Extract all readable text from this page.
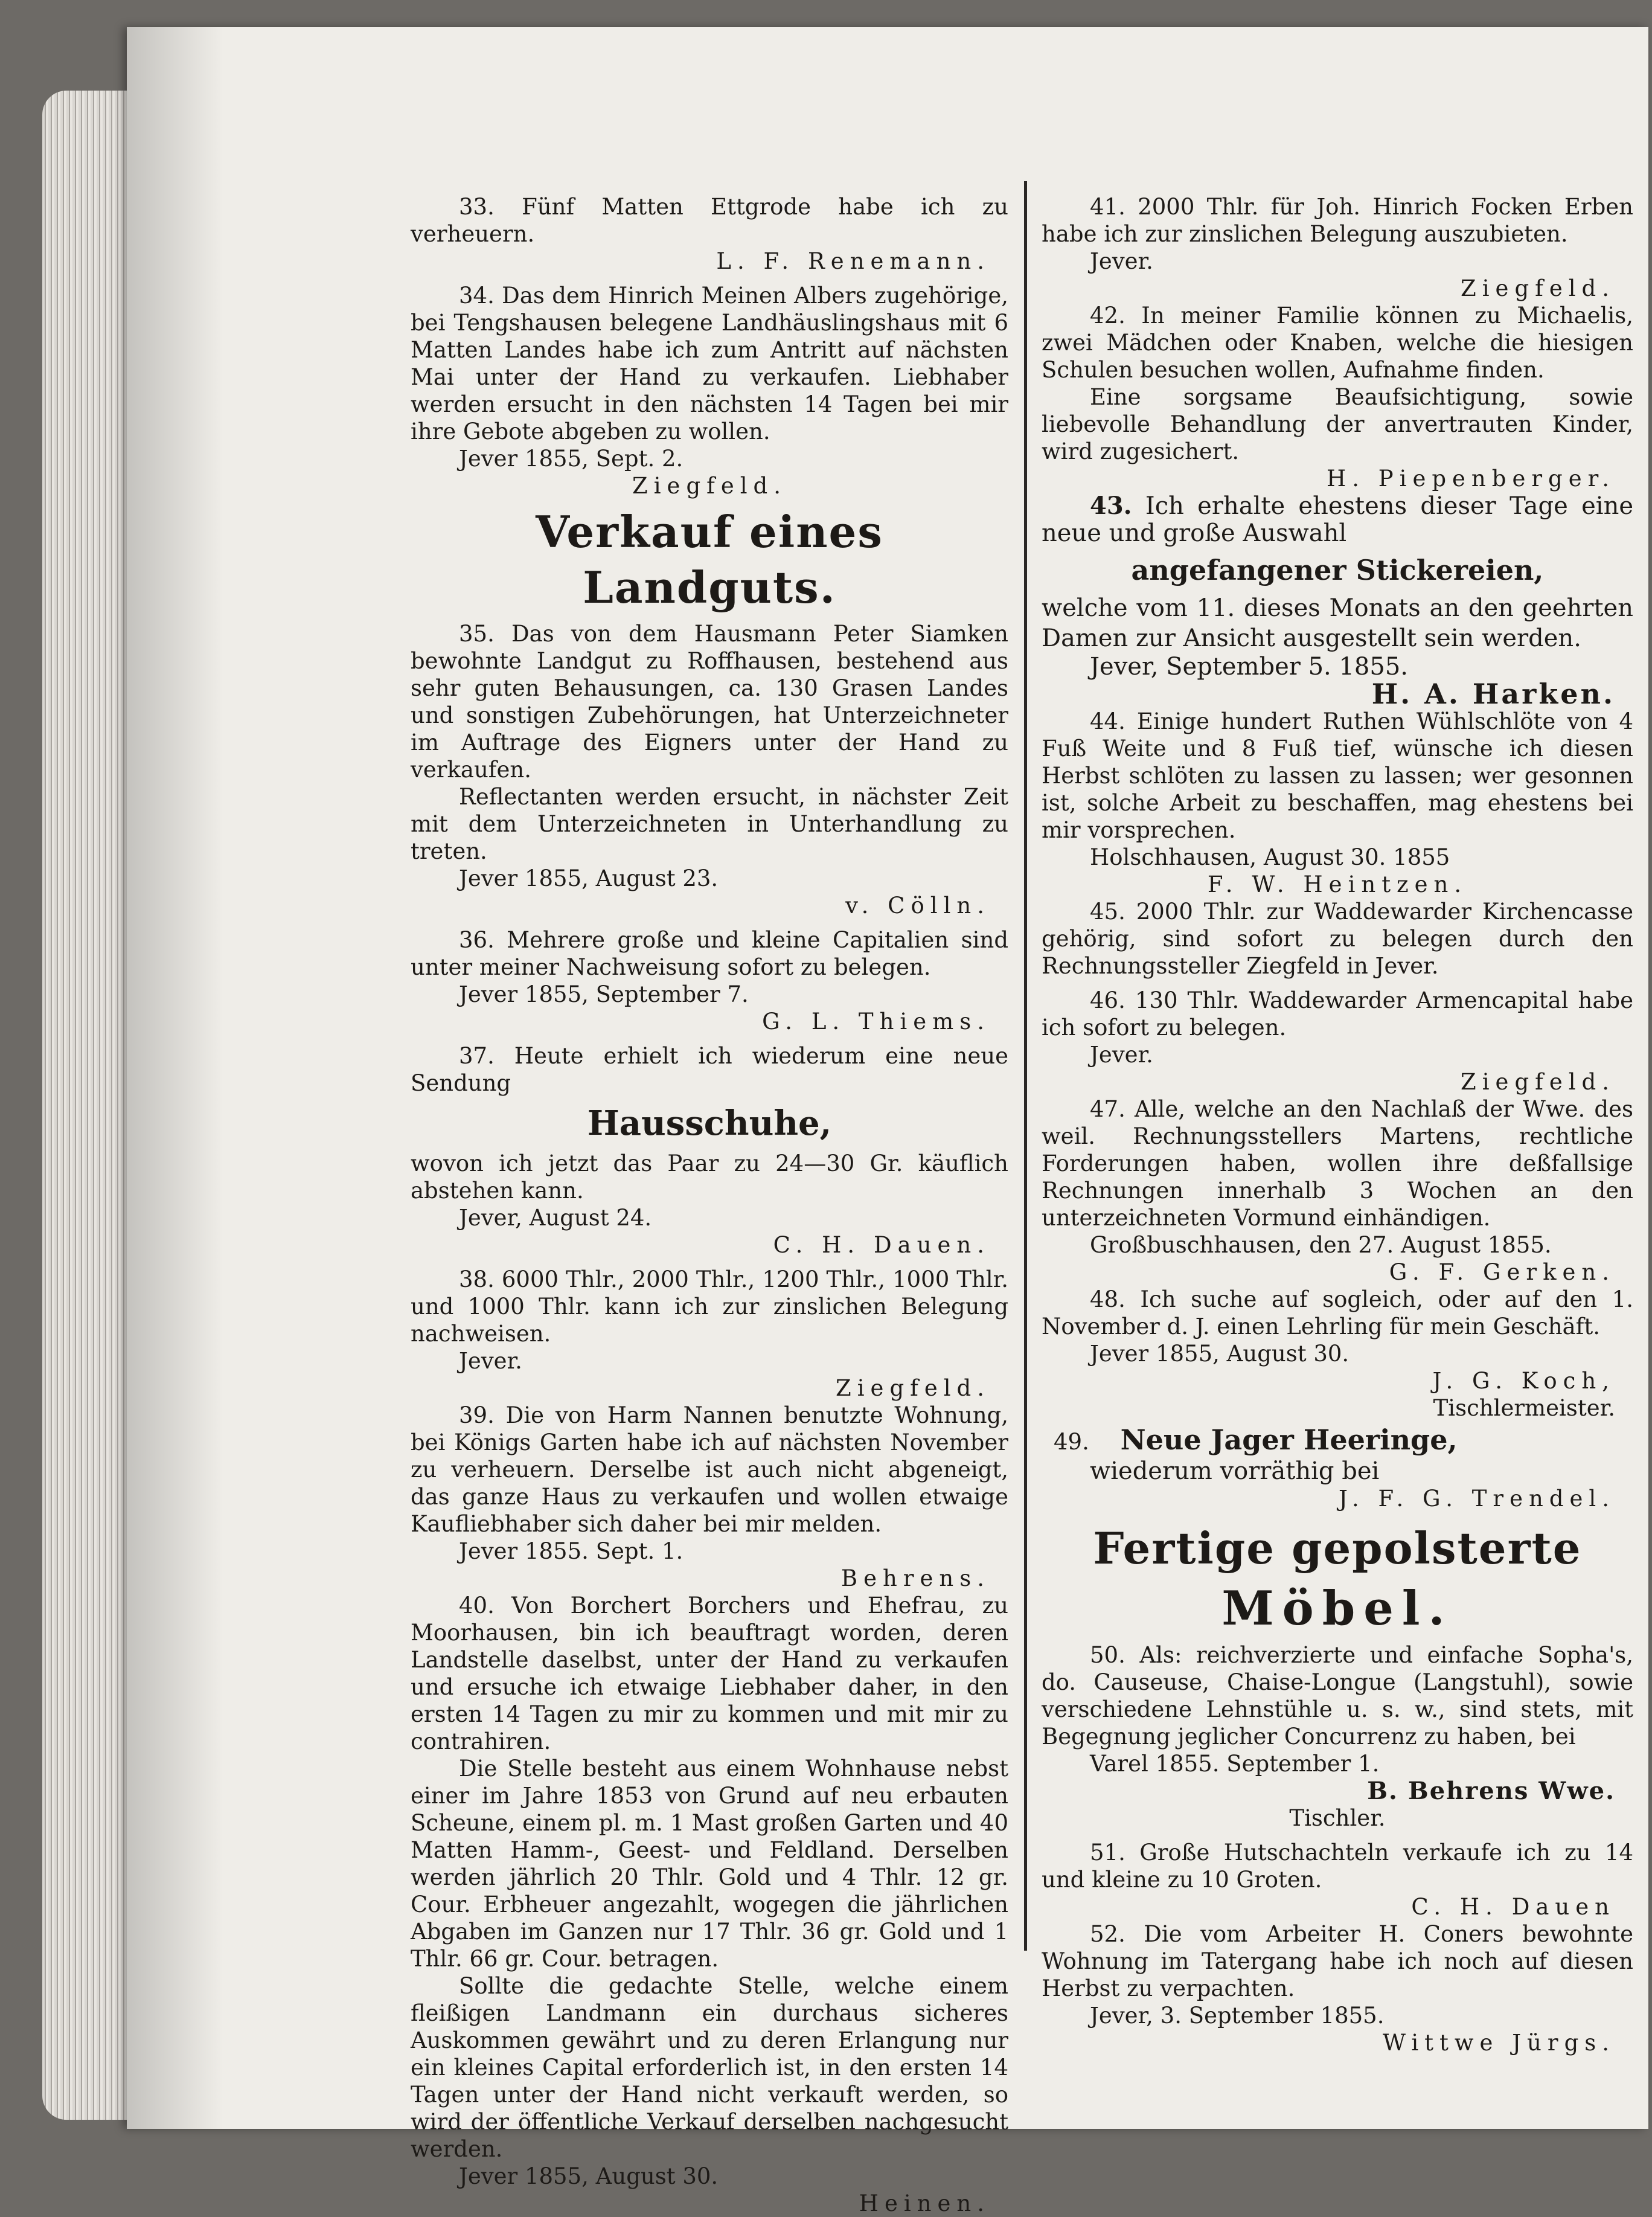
33. Fünf Matten Ettgrode habe ich zu verheuern.

L. F. Renemann.

34. Das dem Hinrich Meinen Albers zugehörige, bei Tengshausen belegene Landhäuslingshaus mit 6 Matten Landes habe ich zum Antritt auf nächsten Mai unter der Hand zu verkaufen. Liebhaber werden ersucht in den nächsten 14 Tagen bei mir ihre Gebote abgeben zu wollen.

Jever 1855, Sept. 2.
Ziegfeld.
Verkauf eines Landguts.

35. Das von dem Hausmann Peter Siamken bewohnte Landgut zu Roffhausen, bestehend aus sehr guten Behausungen, ca. 130 Grasen Landes und sonstigen Zubehörungen, hat Unterzeichneter im Auftrage des Eigners unter der Hand zu verkaufen.

Reflectanten werden ersucht, in nächster Zeit mit dem Unterzeichneten in Unterhandlung zu treten.

Jever 1855, August 23.
v. Cölln.

36. Mehrere große und kleine Capitalien sind unter meiner Nachweisung sofort zu belegen.

Jever 1855, September 7.
G. L. Thiems.

37. Heute erhielt ich wiederum eine neue Sendung

Hausschuhe,

wovon ich jetzt das Paar zu 24—30 Gr. käuflich abstehen kann.

Jever, August 24.
C. H. Dauen.

38. 6000 Thlr., 2000 Thlr., 1200 Thlr., 1000 Thlr. und 1000 Thlr. kann ich zur zinslichen Belegung nachweisen.

Jever.
Ziegfeld.

39. Die von Harm Nannen benutzte Wohnung, bei Königs Garten habe ich auf nächsten November zu verheuern. Derselbe ist auch nicht abgeneigt, das ganze Haus zu verkaufen und wollen etwaige Kaufliebhaber sich daher bei mir melden.

Jever 1855. Sept. 1.
Behrens.

40. Von Borchert Borchers und Ehefrau, zu Moorhausen, bin ich beauftragt worden, deren Landstelle daselbst, unter der Hand zu verkaufen und ersuche ich etwaige Liebhaber daher, in den ersten 14 Tagen zu mir zu kommen und mit mir zu contrahiren.

Die Stelle besteht aus einem Wohnhause nebst einer im Jahre 1853 von Grund auf neu erbauten Scheune, einem pl. m. 1 Mast großen Garten und 40 Matten Hamm-, Geest- und Feldland. Derselben werden jährlich 20 Thlr. Gold und 4 Thlr. 12 gr. Cour. Erbheuer angezahlt, wogegen die jährlichen Abgaben im Ganzen nur 17 Thlr. 36 gr. Gold und 1 Thlr. 66 gr. Cour. betragen.

Sollte die gedachte Stelle, welche einem fleißigen Landmann ein durchaus sicheres Auskommen gewährt und zu deren Erlangung nur ein kleines Capital erforderlich ist, in den ersten 14 Tagen unter der Hand nicht verkauft werden, so wird der öffentliche Verkauf derselben nachgesucht werden.

Jever 1855, August 30.
Heinen.

41. 2000 Thlr. für Joh. Hinrich Focken Erben habe ich zur zinslichen Belegung auszubieten.

Jever.
Ziegfeld.

42. In meiner Familie können zu Michaelis, zwei Mädchen oder Knaben, welche die hiesigen Schulen besuchen wollen, Aufnahme finden.

Eine sorgsame Beaufsichtigung, sowie liebevolle Behandlung der anvertrauten Kinder, wird zugesichert.

H. Piepenberger.

43. Ich erhalte ehestens dieser Tage eine neue und große Auswahl

angefangener Stickereien,

welche vom 11. dieses Monats an den geehrten Damen zur Ansicht ausgestellt sein werden.

Jever, September 5. 1855.
H. A. Harken.

44. Einige hundert Ruthen Wühlschlöte von 4 Fuß Weite und 8 Fuß tief, wünsche ich diesen Herbst schlöten zu lassen zu lassen; wer gesonnen ist, solche Arbeit zu beschaffen, mag ehestens bei mir vorsprechen.

Holschhausen, August 30. 1855
F. W. Heintzen.

45. 2000 Thlr. zur Waddewarder Kirchencasse gehörig, sind sofort zu belegen durch den Rechnungssteller Ziegfeld in Jever.

46. 130 Thlr. Waddewarder Armencapital habe ich sofort zu belegen.

Jever.
Ziegfeld.

47. Alle, welche an den Nachlaß der Wwe. des weil. Rechnungsstellers Martens, rechtliche Forderungen haben, wollen ihre deßfallsige Rechnungen innerhalb 3 Wochen an den unterzeichneten Vormund einhändigen.

Großbuschhausen, den 27. August 1855.
G. F. Gerken.

48. Ich suche auf sogleich, oder auf den 1. November d. J. einen Lehrling für mein Geschäft.

Jever 1855, August 30.
J. G. Koch,
Tischlermeister.
49. Neue Jager Heeringe,

wiederum vorräthig bei

J. F. G. Trendel.
Fertige gepolsterte
Möbel.

50. Als: reichverzierte und einfache Sopha's, do. Causeuse, Chaise-Longue (Langstuhl), sowie verschiedene Lehnstühle u. s. w., sind stets, mit Begegnung jeglicher Concurrenz zu haben, bei

Varel 1855. September 1.
B. Behrens Wwe.
Tischler.

51. Große Hutschachteln verkaufe ich zu 14 und kleine zu 10 Groten.

C. H. Dauen

52. Die vom Arbeiter H. Coners bewohnte Wohnung im Tatergang habe ich noch auf diesen Herbst zu verpachten.

Jever, 3. September 1855.
Wittwe Jürgs.
